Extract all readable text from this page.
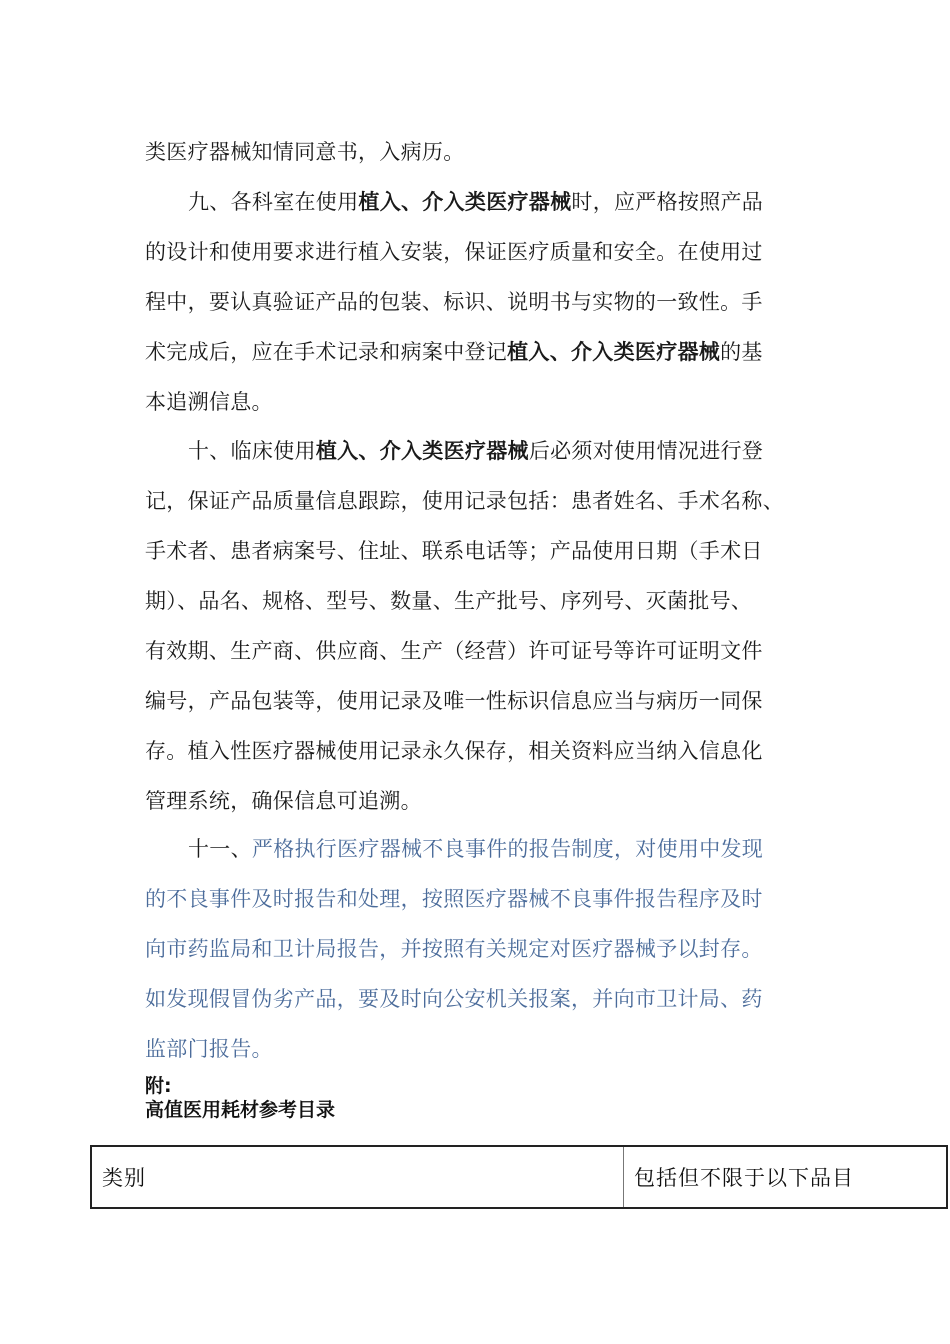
类医疗器械知情同意书，入病历。
九、各科室在使用植入、介入类医疗器械时，应严格按照产品
的设计和使用要求进行植入安装，保证医疗质量和安全。在使用过
程中，要认真验证产品的包装、标识、说明书与实物的一致性。手
术完成后，应在手术记录和病案中登记植入、介入类医疗器械的基
本追溯信息。
十、临床使用植入、介入类医疗器械后必须对使用情况进行登
记，保证产品质量信息跟踪，使用记录包括：患者姓名、手术名称、
手术者、患者病案号、住址、联系电话等；产品使用日期（手术日
期）、品名、规格、型号、数量、生产批号、序列号、灭菌批号、
有效期、生产商、供应商、生产（经营）许可证号等许可证明文件
编号，产品包装等，使用记录及唯一性标识信息应当与病历一同保
存。植入性医疗器械使用记录永久保存，相关资料应当纳入信息化
管理系统，确保信息可追溯。
十一、严格执行医疗器械不良事件的报告制度，对使用中发现
的不良事件及时报告和处理，按照医疗器械不良事件报告程序及时
向市药监局和卫计局报告，并按照有关规定对医疗器械予以封存。
如发现假冒伪劣产品，要及时向公安机关报案，并向市卫计局、药
监部门报告。
附:
高值医用耗材参考目录
类别	包括但不限于以下品目
